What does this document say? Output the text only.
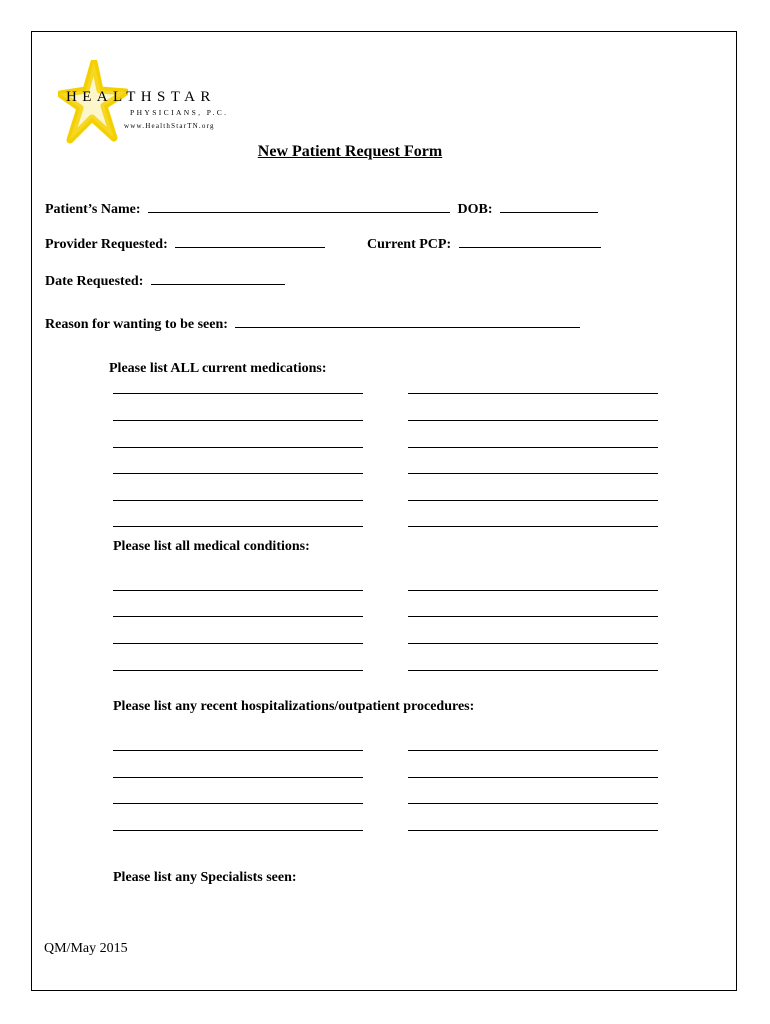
HEALTHSTAR
PHYSICIANS, P.C.
www.HealthStarTN.org
New Patient Request Form
Patient’s Name:	DOB:
Provider Requested:	Current PCP:
Date Requested:
Reason for wanting to be seen:
Please list ALL current medications:
Please list all medical conditions:
Please list any recent hospitalizations/outpatient procedures:
Please list any Specialists seen:
QM/May 2015
